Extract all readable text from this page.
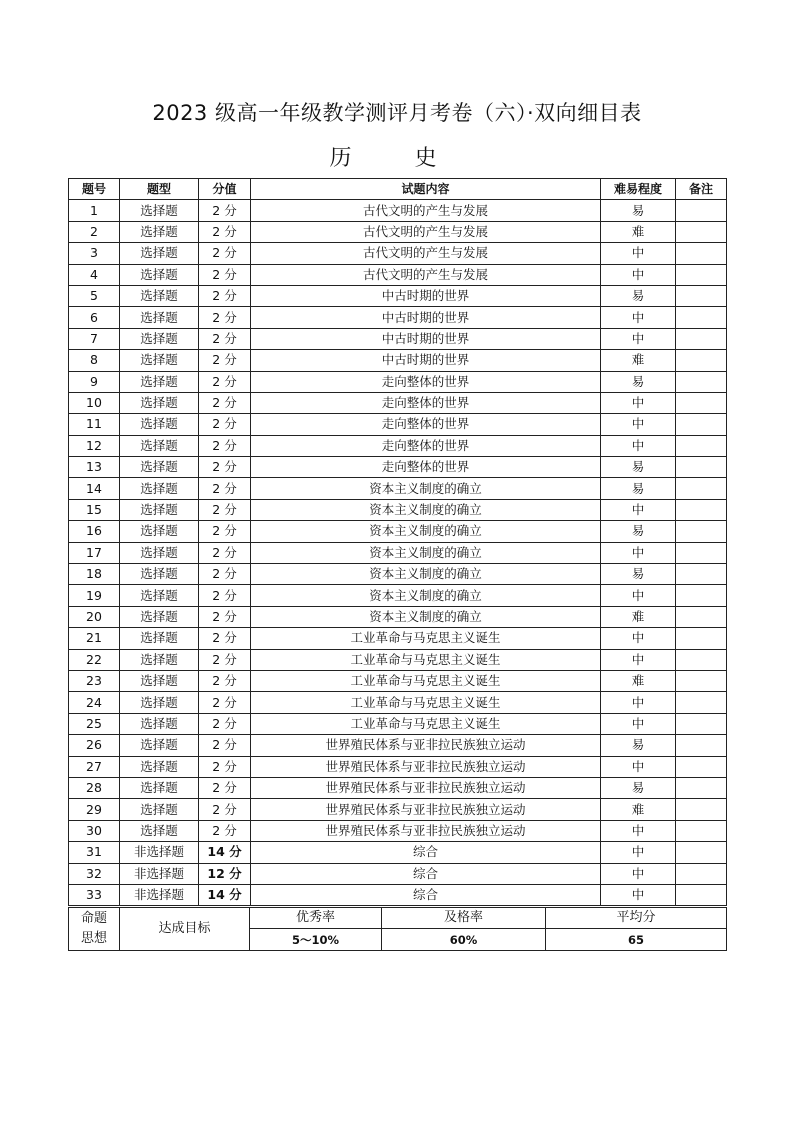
2023 级高一年级教学测评月考卷（六）·双向细目表
历 史
题号	题型	分值	试题内容	难易程度	备注
1	选择题	2 分	古代文明的产生与发展	易	
2	选择题	2 分	古代文明的产生与发展	难	
3	选择题	2 分	古代文明的产生与发展	中	
4	选择题	2 分	古代文明的产生与发展	中	
5	选择题	2 分	中古时期的世界	易	
6	选择题	2 分	中古时期的世界	中	
7	选择题	2 分	中古时期的世界	中	
8	选择题	2 分	中古时期的世界	难	
9	选择题	2 分	走向整体的世界	易	
10	选择题	2 分	走向整体的世界	中	
11	选择题	2 分	走向整体的世界	中	
12	选择题	2 分	走向整体的世界	中	
13	选择题	2 分	走向整体的世界	易	
14	选择题	2 分	资本主义制度的确立	易	
15	选择题	2 分	资本主义制度的确立	中	
16	选择题	2 分	资本主义制度的确立	易	
17	选择题	2 分	资本主义制度的确立	中	
18	选择题	2 分	资本主义制度的确立	易	
19	选择题	2 分	资本主义制度的确立	中	
20	选择题	2 分	资本主义制度的确立	难	
21	选择题	2 分	工业革命与马克思主义诞生	中	
22	选择题	2 分	工业革命与马克思主义诞生	中	
23	选择题	2 分	工业革命与马克思主义诞生	难	
24	选择题	2 分	工业革命与马克思主义诞生	中	
25	选择题	2 分	工业革命与马克思主义诞生	中	
26	选择题	2 分	世界殖民体系与亚非拉民族独立运动	易	
27	选择题	2 分	世界殖民体系与亚非拉民族独立运动	中	
28	选择题	2 分	世界殖民体系与亚非拉民族独立运动	易	
29	选择题	2 分	世界殖民体系与亚非拉民族独立运动	难	
30	选择题	2 分	世界殖民体系与亚非拉民族独立运动	中	
31	非选择题	14 分	综合	中	
32	非选择题	12 分	综合	中	
33	非选择题	14 分	综合	中	
命题思想	达成目标	优秀率	及格率	平均分
		5～10%	60%	65
